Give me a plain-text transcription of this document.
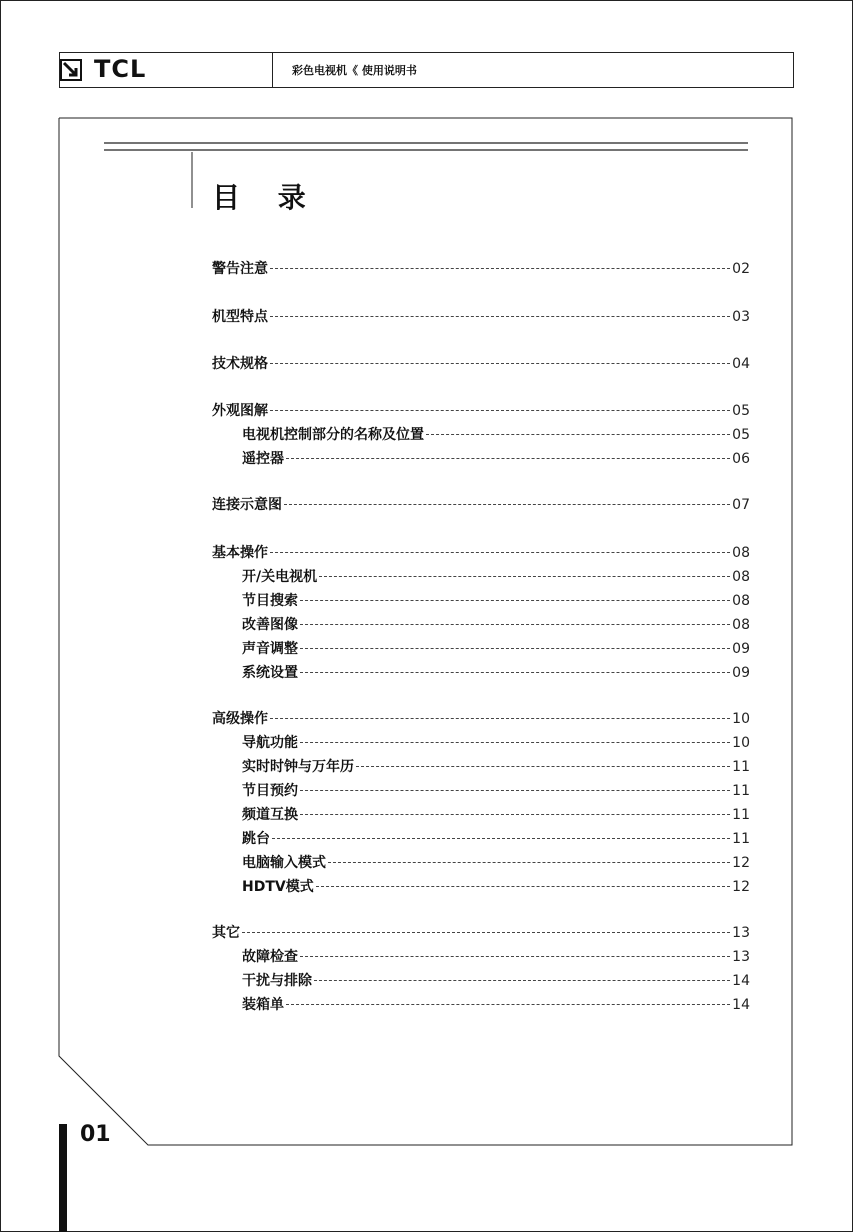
TCL	彩色电视机《 使用说明书
目 录
警告注意	02
机型特点	03
技术规格	04
外观图解	05
电视机控制部分的名称及位置	05
遥控器	06
连接示意图	07
基本操作	08
开/关电视机	08
节目搜索	08
改善图像	08
声音调整	09
系统设置	09
高级操作	10
导航功能	10
实时时钟与万年历	11
节目预约	11
频道互换	11
跳台	11
电脑输入模式	12
HDTV模式	12
其它	13
故障检查	13
干扰与排除	14
装箱单	14
01
